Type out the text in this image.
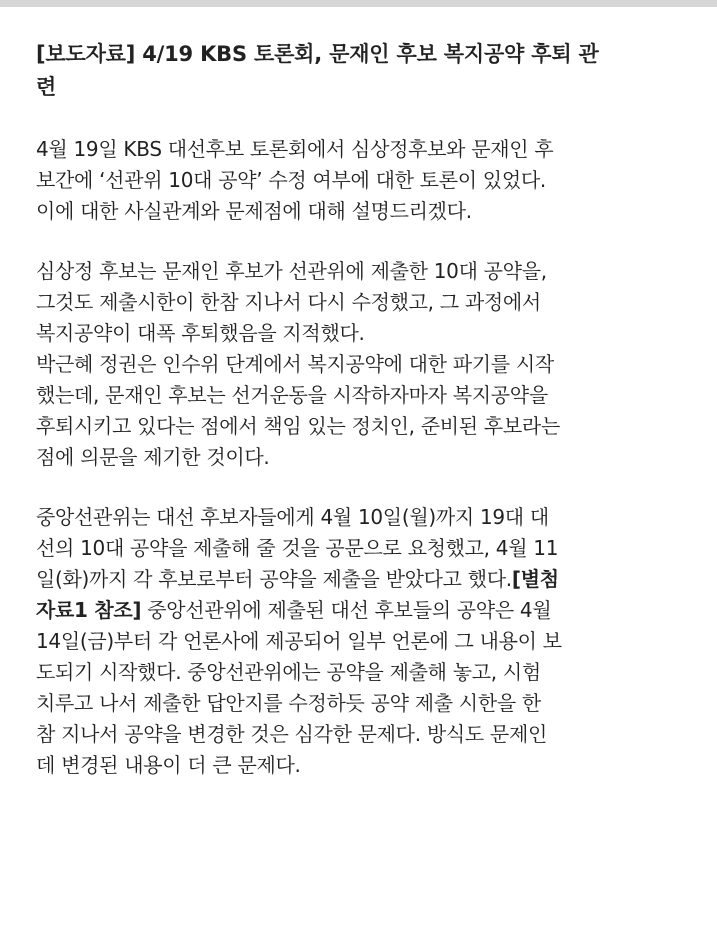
[보도자료] 4/19 KBS 토론회, 문재인 후보 복지공약 후퇴 관
련

4월 19일 KBS 대선후보 토론회에서 심상정후보와 문재인 후
보간에 ‘선관위 10대 공약’ 수정 여부에 대한 토론이 있었다.
이에 대한 사실관계와 문제점에 대해 설명드리겠다.

심상정 후보는 문재인 후보가 선관위에 제출한 10대 공약을,
그것도 제출시한이 한참 지나서 다시 수정했고, 그 과정에서
복지공약이 대폭 후퇴했음을 지적했다.
박근혜 정권은 인수위 단계에서 복지공약에 대한 파기를 시작
했는데, 문재인 후보는 선거운동을 시작하자마자 복지공약을
후퇴시키고 있다는 점에서 책임 있는 정치인, 준비된 후보라는
점에 의문을 제기한 것이다.

중앙선관위는 대선 후보자들에게 4월 10일(월)까지 19대 대
선의 10대 공약을 제출해 줄 것을 공문으로 요청했고, 4월 11
일(화)까지 각 후보로부터 공약을 제출을 받았다고 했다.[별첨
자료1 참조] 중앙선관위에 제출된 대선 후보들의 공약은 4월
14일(금)부터 각 언론사에 제공되어 일부 언론에 그 내용이 보
도되기 시작했다. 중앙선관위에는 공약을 제출해 놓고, 시험
치루고 나서 제출한 답안지를 수정하듯 공약 제출 시한을 한
참 지나서 공약을 변경한 것은 심각한 문제다. 방식도 문제인
데 변경된 내용이 더 큰 문제다.
